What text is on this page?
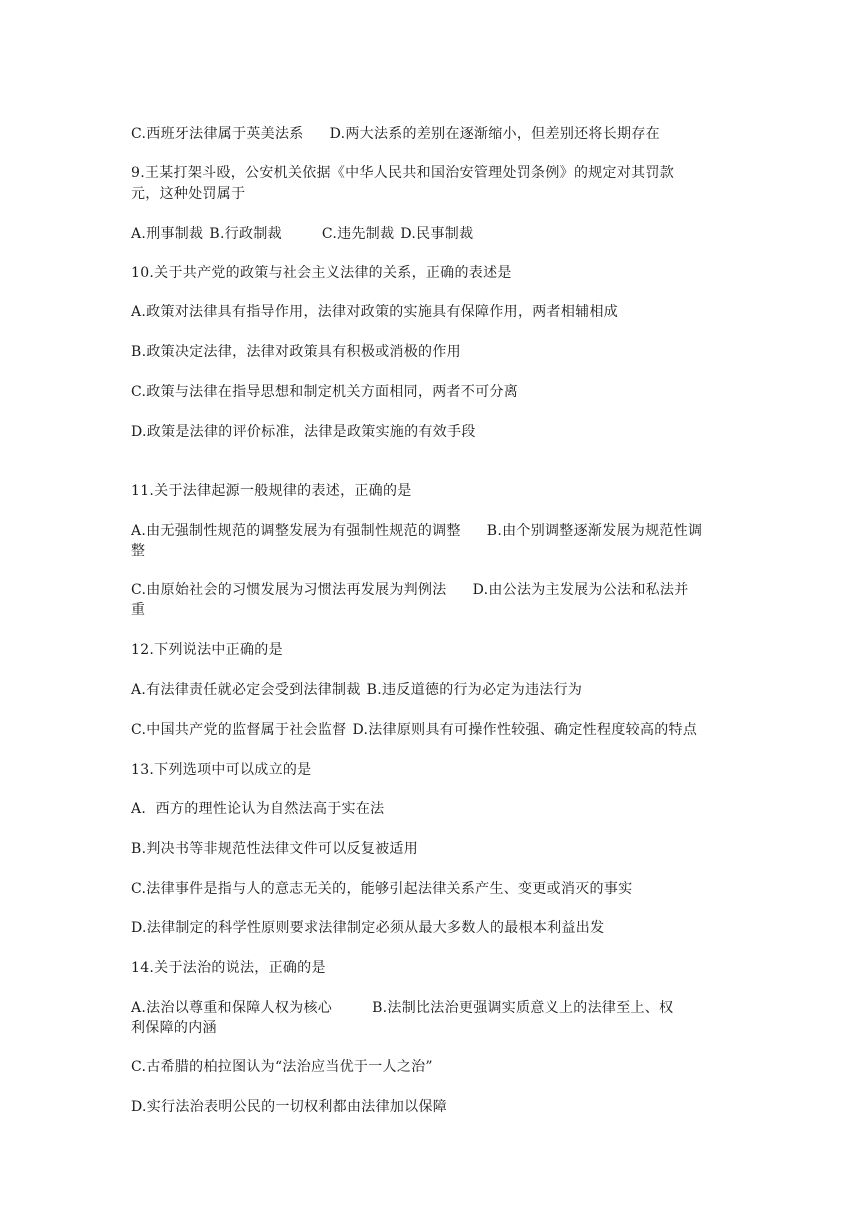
C.西班牙法律属于英美法系 D.两大法系的差别在逐渐缩小，但差别还将长期存在
9.王某打架斗殴，公安机关依据《中华人民共和国治安管理处罚条例》的规定对其罚款
元，这种处罚属于
A.刑事制裁 B.行政制裁	C.违先制裁 D.民事制裁
10.关于共产党的政策与社会主义法律的关系，正确的表述是
A.政策对法律具有指导作用，法律对政策的实施具有保障作用，两者相辅相成
B.政策决定法律，法律对政策具有积极或消极的作用
C.政策与法律在指导思想和制定机关方面相同，两者不可分离
D.政策是法律的评价标准，法律是政策实施的有效手段
11.关于法律起源一般规律的表述，正确的是
A.由无强制性规范的调整发展为有强制性规范的调整 B.由个别调整逐渐发展为规范性调
整
C.由原始社会的习惯发展为习惯法再发展为判例法 D.由公法为主发展为公法和私法并
重
12.下列说法中正确的是
A.有法律责任就必定会受到法律制裁 B.违反道德的行为必定为违法行为
C.中国共产党的监督属于社会监督 D.法律原则具有可操作性较强、确定性程度较高的特点
13.下列选项中可以成立的是
A.  西方的理性论认为自然法高于实在法
B.判决书等非规范性法律文件可以反复被适用
C.法律事件是指与人的意志无关的，能够引起法律关系产生、变更或消灭的事实
D.法律制定的科学性原则要求法律制定必须从最大多数人的最根本利益出发
14.关于法治的说法，正确的是
A.法治以尊重和保障人权为核心	B.法制比法治更强调实质意义上的法律至上、权
利保障的内涵
C.古希腊的柏拉图认为“法治应当优于一人之治”
D.实行法治表明公民的一切权利都由法律加以保障
